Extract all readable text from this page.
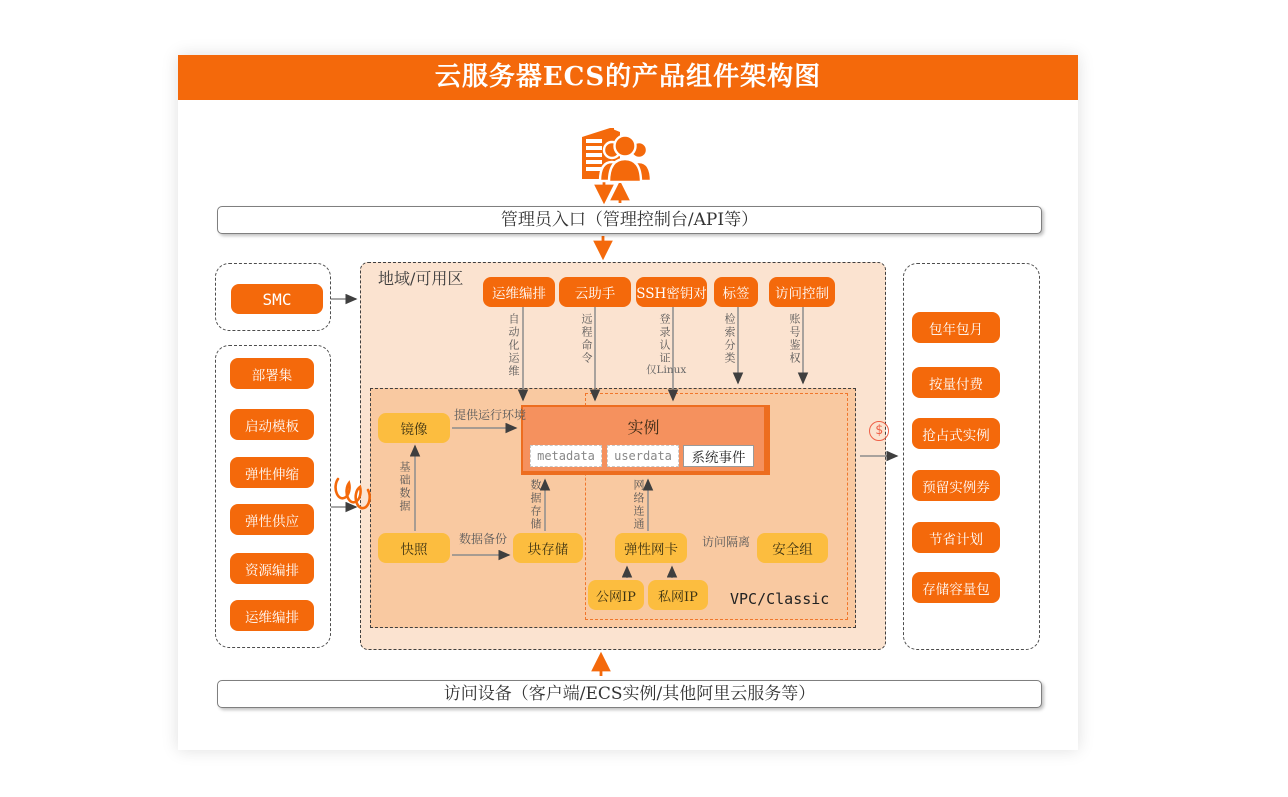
云服务器ECS的产品组件架构图
管理员入口（管理控制台/API等）
访问设备（客户端/ECS实例/其他阿里云服务等）
SMC
部署集
启动模板
弹性伸缩
弹性供应
资源编排
运维编排
地域/可用区
运维编排	云助手	SSH密钥对	标签	访问控制
自动化运维	远程命令	登录认证
仅Linux
检索分类	账号鉴权
镜像
提供运行环境
实例
metadata	userdata	系统事件
基础数据
快照
数据备份
块存储
数据存储
弹性网卡
网络连通
访问隔离	安全组
公网IP	私网IP	VPC/Classic
包年包月
按量付费
抢占式实例
预留实例券
节省计划
存储容量包
$
